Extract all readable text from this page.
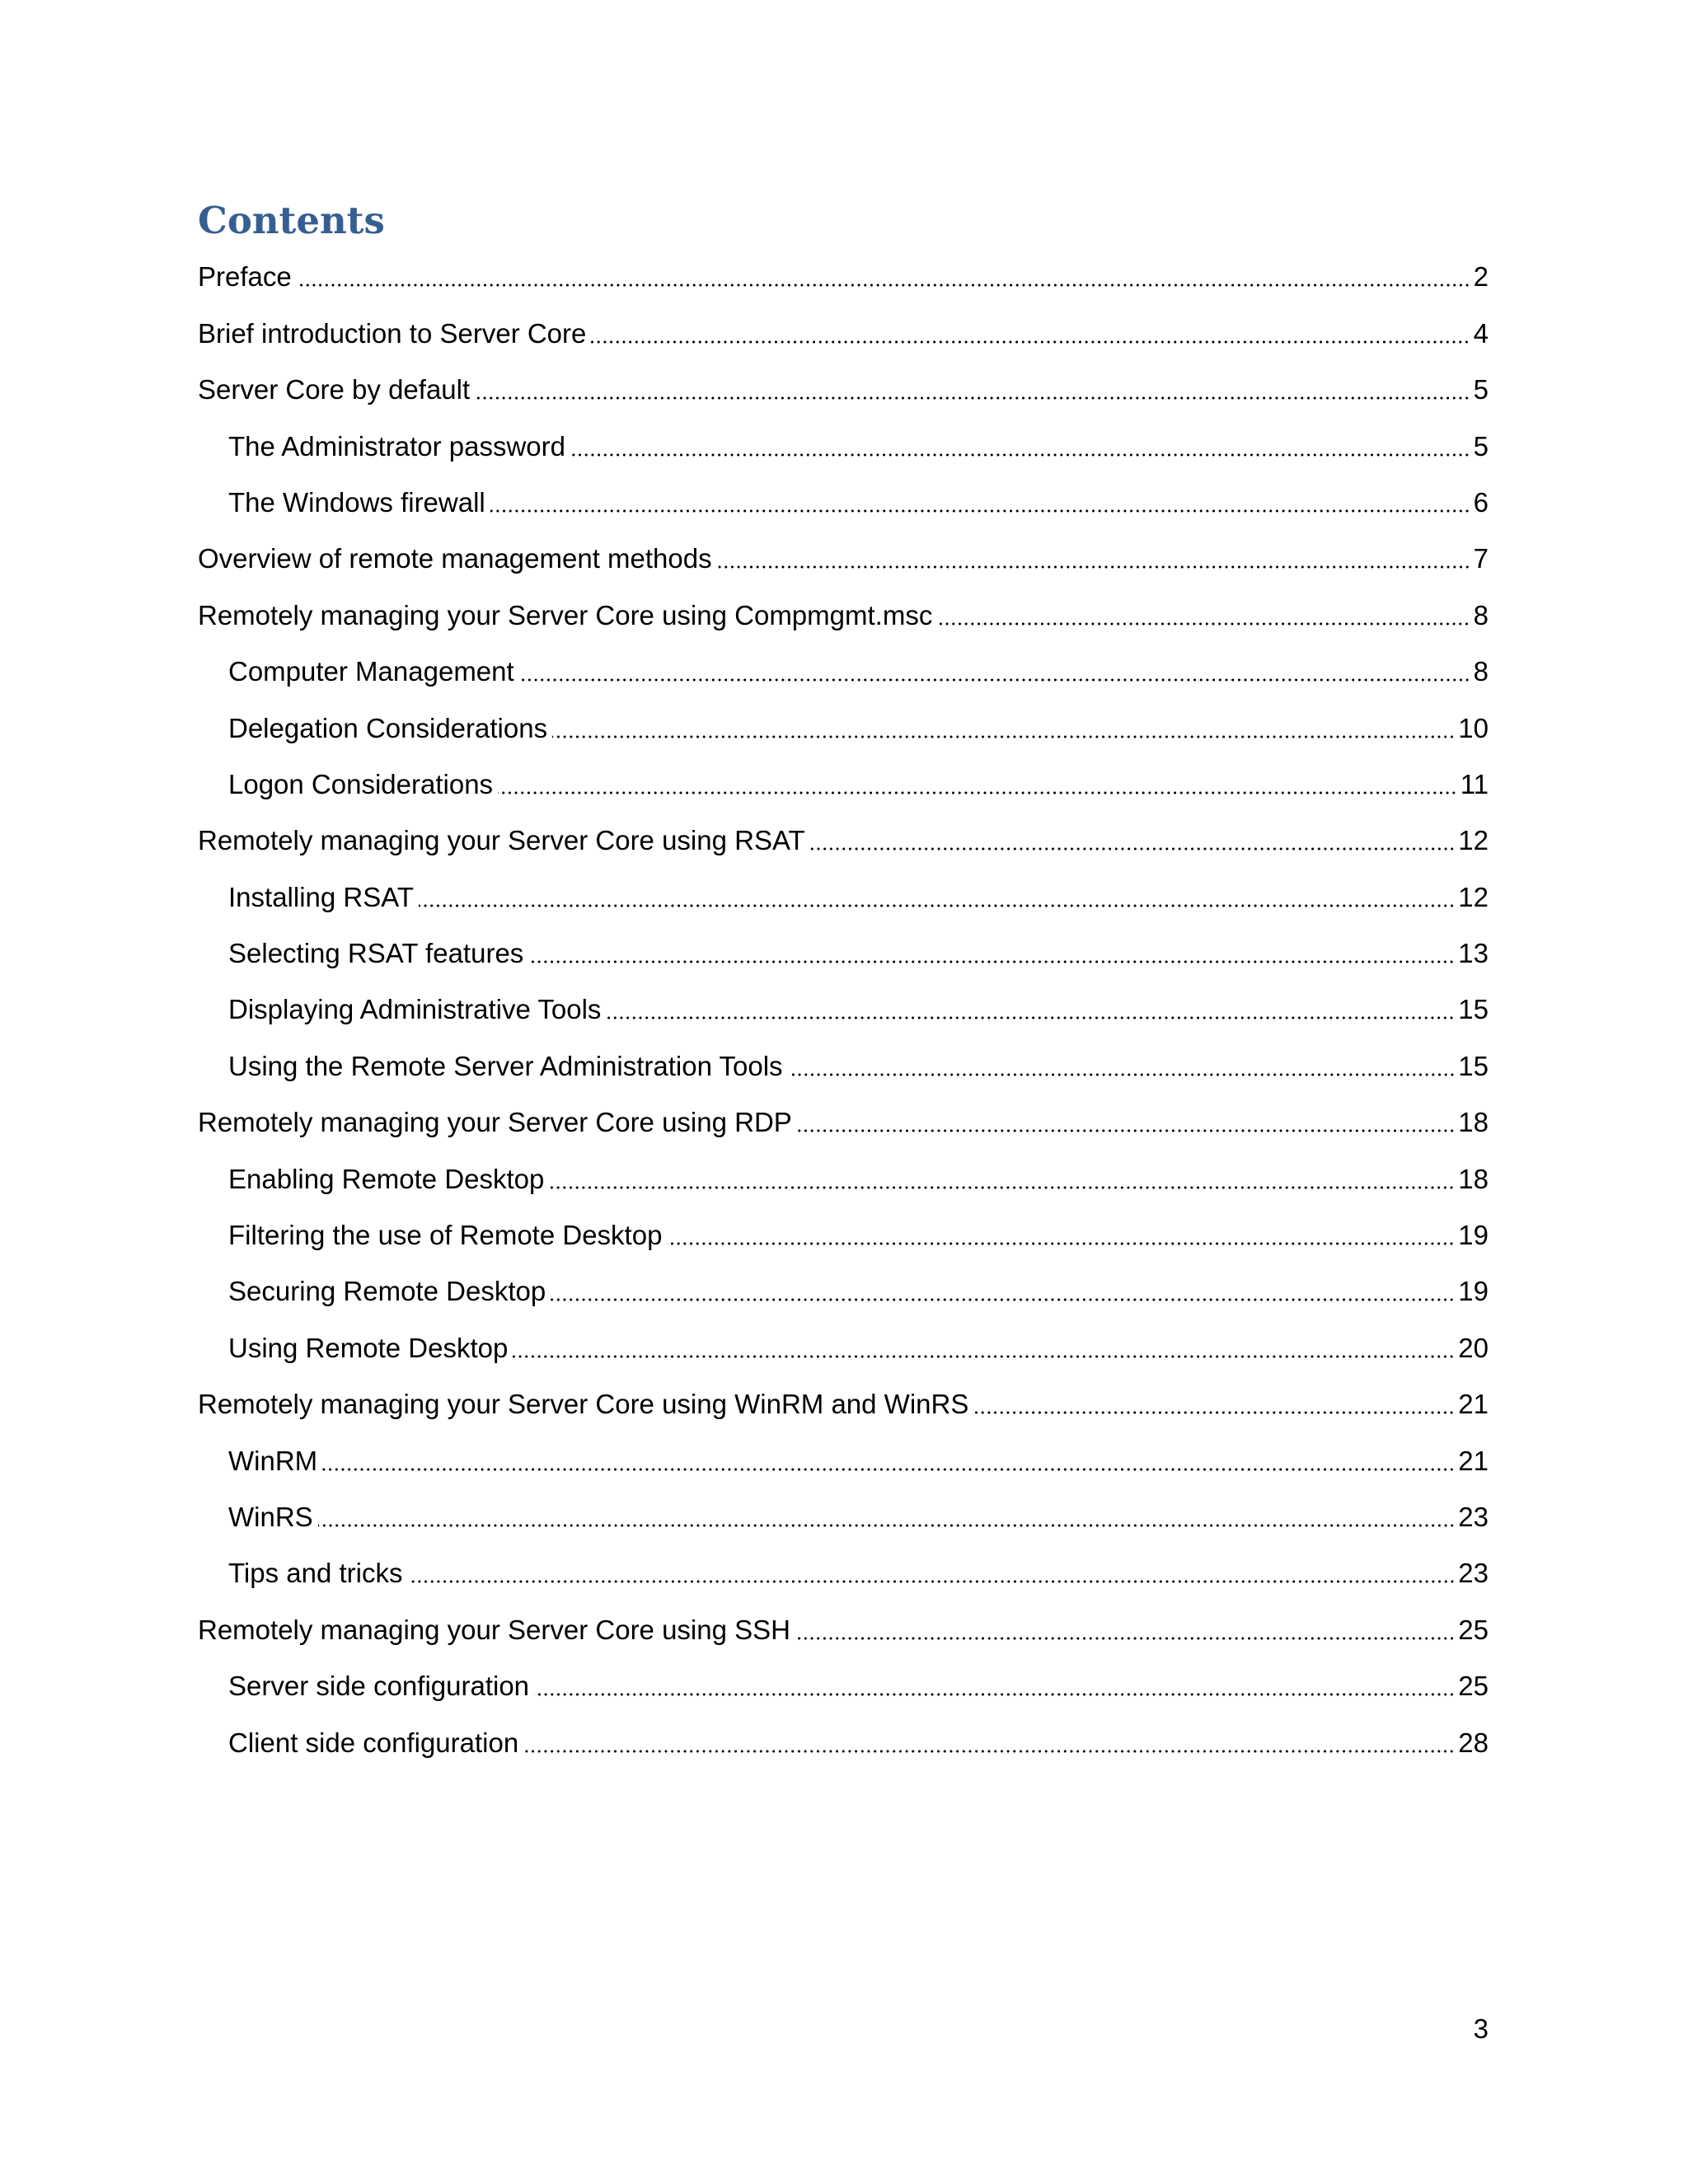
Contents
Preface	2
Brief introduction to Server Core	4
Server Core by default	5
The Administrator password	5
The Windows firewall	6
Overview of remote management methods	7
Remotely managing your Server Core using Compmgmt.msc	8
Computer Management	8
Delegation Considerations	10
Logon Considerations	11
Remotely managing your Server Core using RSAT	12
Installing RSAT	12
Selecting RSAT features	13
Displaying Administrative Tools	15
Using the Remote Server Administration Tools	15
Remotely managing your Server Core using RDP	18
Enabling Remote Desktop	18
Filtering the use of Remote Desktop	19
Securing Remote Desktop	19
Using Remote Desktop	20
Remotely managing your Server Core using WinRM and WinRS	21
WinRM	21
WinRS	23
Tips and tricks	23
Remotely managing your Server Core using SSH	25
Server side configuration	25
Client side configuration	28
3
